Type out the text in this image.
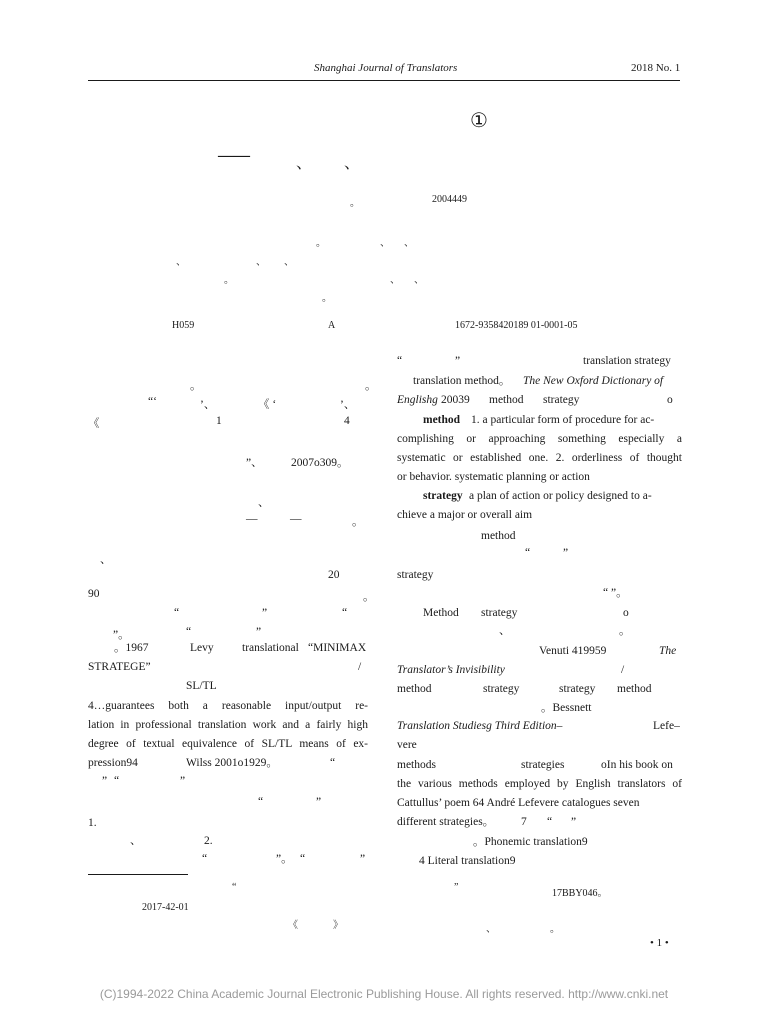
Shanghai Journal of Translators	2018 No. 1
①
——	、 、
。	2004449
。	、 、
、	、 、
。	、 、
。
H059	A	1672-9358420189 01-0001-05
。	。
“‘	’、	《 ‘	’、
《	1	4
”、 2007o309。
、
—	—	。
、
20
90	。
“	”	“
”。	“	”
。1967	Levy translational “MINIMAX
STRATEGE”	/
SL/TL
4…guarantees both a reasonable input/output re-
lation in professional translation work and a fairly high
degree of textual equivalence of SL/TL means of ex-
pression94	Wilss 2001o1929。	“
” “	”
“	”
1.
、	2.
“	”。 “	”
“	”
17BBY046。
2017-42-01
《	》	、	。
“	”	translation strategy
translation method。 The New Oxford Dictionary of
Englishg 20039 method strategy	o
method 1. a particular form of procedure for ac-
complishing or approaching something especially a
systematic or established one. 2. orderliness of thought
or behavior. systematic planning or action
strategy a plan of action or policy designed to a-
chieve a major or overall aim
method
“	”
strategy
“ ”。
Method strategy	o
、	。
Venuti 419959	The
Translator’s Invisibility	/
method	strategy	strategy method
。Bessnett
Translation Studiesg Third Edition–	Lefe–
vere
methods	strategies	oIn his book on
the various methods employed by English translators of
Cattullus’ poem 64 André Lefevere catalogues seven
different strategies。 7 “ ”
。Phonemic translation9
4 Literal translation9
• 1 •
(C)1994-2022 China Academic Journal Electronic Publishing House. All rights reserved. http://www.cnki.net
